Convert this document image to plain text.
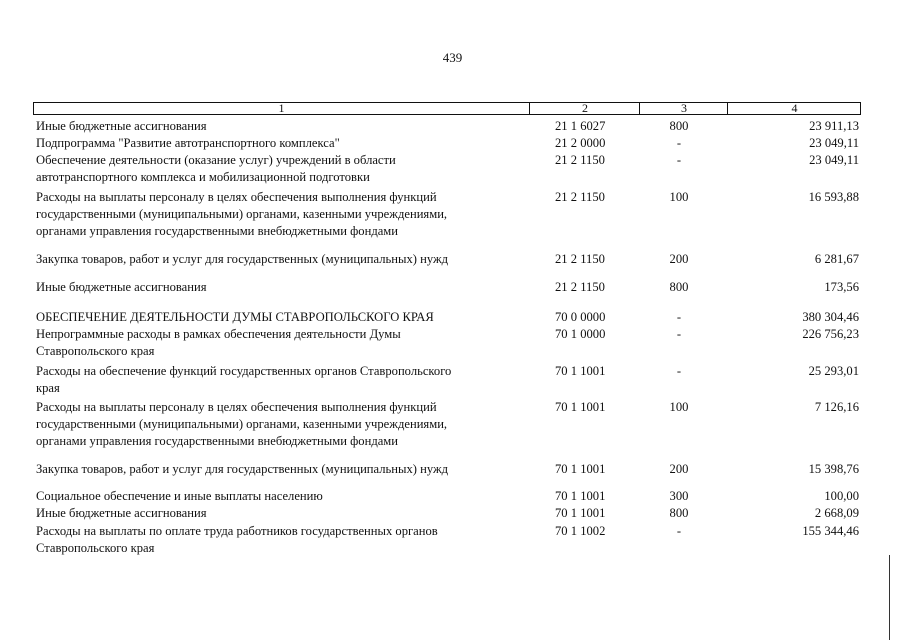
439
1	2	3	4
Иные бюджетные ассигнования	21 1 6027	800	23 911,13
Подпрограмма "Развитие автотранспортного комплекса"	21 2 0000	-	23 049,11
Обеспечение деятельности (оказание услуг) учреждений в области
автотранспортного комплекса и мобилизационной подготовки
21 2 1150	-	23 049,11
Расходы на выплаты персоналу в целях обеспечения выполнения функций
государственными (муниципальными) органами, казенными учреждениями,
органами управления государственными внебюджетными фондами
21 2 1150	100	16 593,88
Закупка товаров, работ и услуг для государственных (муниципальных) нужд	21 2 1150	200	6 281,67
Иные бюджетные ассигнования	21 2 1150	800	173,56
ОБЕСПЕЧЕНИЕ ДЕЯТЕЛЬНОСТИ ДУМЫ СТАВРОПОЛЬСКОГО КРАЯ	70 0 0000	-	380 304,46
Непрограммные расходы в рамках обеспечения деятельности Думы
Ставропольского края
70 1 0000	-	226 756,23
Расходы на обеспечение функций государственных органов Ставропольского
края
70 1 1001	-	25 293,01
Расходы на выплаты персоналу в целях обеспечения выполнения функций
государственными (муниципальными) органами, казенными учреждениями,
органами управления государственными внебюджетными фондами
70 1 1001	100	7 126,16
Закупка товаров, работ и услуг для государственных (муниципальных) нужд	70 1 1001	200	15 398,76
Социальное обеспечение и иные выплаты населению	70 1 1001	300	100,00
Иные бюджетные ассигнования	70 1 1001	800	2 668,09
Расходы на выплаты по оплате труда работников государственных органов
Ставропольского края
70 1 1002	-	155 344,46
